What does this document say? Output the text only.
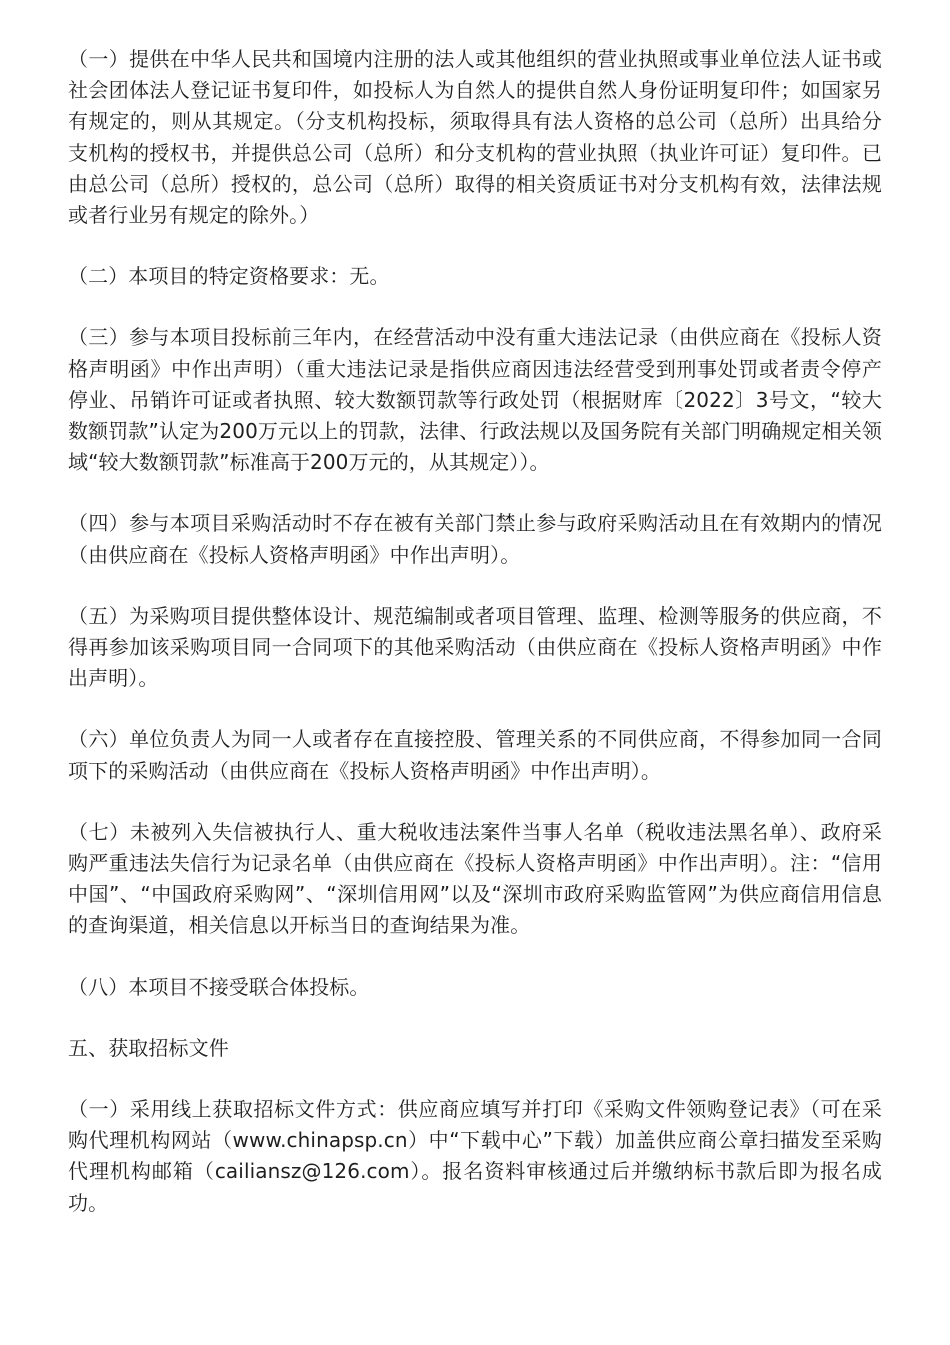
（一）提供在中华人民共和国境内注册的法人或其他组织的营业执照或事业单位法人证书或社会团体法人登记证书复印件，如投标人为自然人的提供自然人身份证明复印件；如国家另有规定的，则从其规定。（分支机构投标，须取得具有法人资格的总公司（总所）出具给分支机构的授权书，并提供总公司（总所）和分支机构的营业执照（执业许可证）复印件。已由总公司（总所）授权的，总公司（总所）取得的相关资质证书对分支机构有效，法律法规或者行业另有规定的除外。）

（二）本项目的特定资格要求：无。

（三）参与本项目投标前三年内，在经营活动中没有重大违法记录（由供应商在《投标人资格声明函》中作出声明）（重大违法记录是指供应商因违法经营受到刑事处罚或者责令停产停业、吊销许可证或者执照、较大数额罚款等行政处罚（根据财库〔2022〕3号文，“较大数额罚款”认定为200万元以上的罚款，法律、行政法规以及国务院有关部门明确规定相关领域“较大数额罚款”标准高于200万元的，从其规定））。

（四）参与本项目采购活动时不存在被有关部门禁止参与政府采购活动且在有效期内的情况（由供应商在《投标人资格声明函》中作出声明）。

（五）为采购项目提供整体设计、规范编制或者项目管理、监理、检测等服务的供应商，不得再参加该采购项目同一合同项下的其他采购活动（由供应商在《投标人资格声明函》中作出声明）。

（六）单位负责人为同一人或者存在直接控股、管理关系的不同供应商，不得参加同一合同项下的采购活动（由供应商在《投标人资格声明函》中作出声明）。

（七）未被列入失信被执行人、重大税收违法案件当事人名单（税收违法黑名单）、政府采购严重违法失信行为记录名单（由供应商在《投标人资格声明函》中作出声明）。注：“信用中国”、“中国政府采购网”、“深圳信用网”以及“深圳市政府采购监管网”为供应商信用信息的查询渠道，相关信息以开标当日的查询结果为准。

（八）本项目不接受联合体投标。

五、获取招标文件

（一）采用线上获取招标文件方式：供应商应填写并打印《采购文件领购登记表》（可在采购代理机构网站（www.chinapsp.cn）中“下载中心”下载）加盖供应商公章扫描发至采购代理机构邮箱（cailiansz@126.com）。报名资料审核通过后并缴纳标书款后即为报名成功。
